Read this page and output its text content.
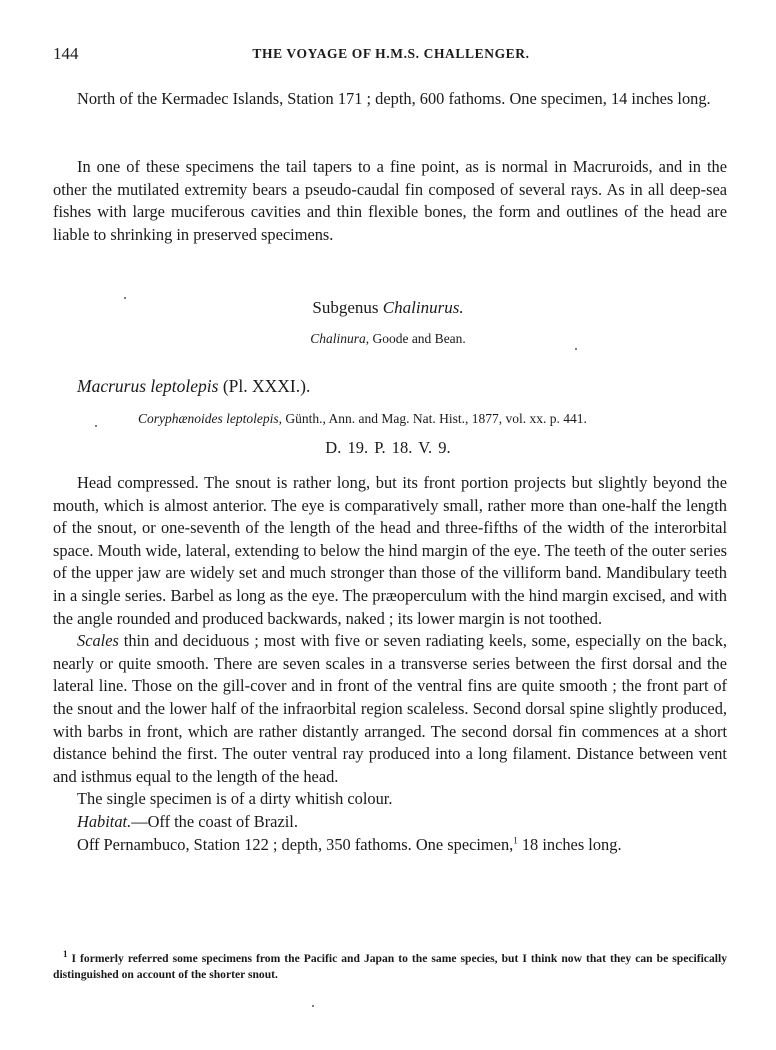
144	THE VOYAGE OF H.M.S. CHALLENGER.

North of the Kermadec Islands, Station 171 ; depth, 600 fathoms. One specimen, 14 inches long.

In one of these specimens the tail tapers to a fine point, as is normal in Macruroids, and in the other the mutilated extremity bears a pseudo-caudal fin composed of several rays. As in all deep-sea fishes with large muciferous cavities and thin flexible bones, the form and outlines of the head are liable to shrinking in preserved specimens.

Subgenus Chalinurus.
Chalinura, Goode and Bean.
Macrurus leptolepis (Pl. XXXI.).
Coryphænoides leptolepis, Günth., Ann. and Mag. Nat. Hist., 1877, vol. xx. p. 441.
D. 19. P. 18. V. 9.

Head compressed. The snout is rather long, but its front portion projects but slightly beyond the mouth, which is almost anterior. The eye is comparatively small, rather more than one-half the length of the snout, or one-seventh of the length of the head and three-fifths of the width of the interorbital space. Mouth wide, lateral, extending to below the hind margin of the eye. The teeth of the outer series of the upper jaw are widely set and much stronger than those of the villiform band. Mandibulary teeth in a single series. Barbel as long as the eye. The præoperculum with the hind margin excised, and with the angle rounded and produced backwards, naked ; its lower margin is not toothed.

Scales thin and deciduous ; most with five or seven radiating keels, some, especially on the back, nearly or quite smooth. There are seven scales in a transverse series between the first dorsal and the lateral line. Those on the gill-cover and in front of the ventral fins are quite smooth ; the front part of the snout and the lower half of the infraorbital region scaleless. Second dorsal spine slightly produced, with barbs in front, which are rather distantly arranged. The second dorsal fin commences at a short distance behind the first. The outer ventral ray produced into a long filament. Distance between vent and isthmus equal to the length of the head.

The single specimen is of a dirty whitish colour.

Habitat.—Off the coast of Brazil.

Off Pernambuco, Station 122 ; depth, 350 fathoms. One specimen,$^1$ 18 inches long.

$^1$ I formerly referred some specimens from the Pacific and Japan to the same species, but I think now that they can be specifically distinguished on account of the shorter snout.
